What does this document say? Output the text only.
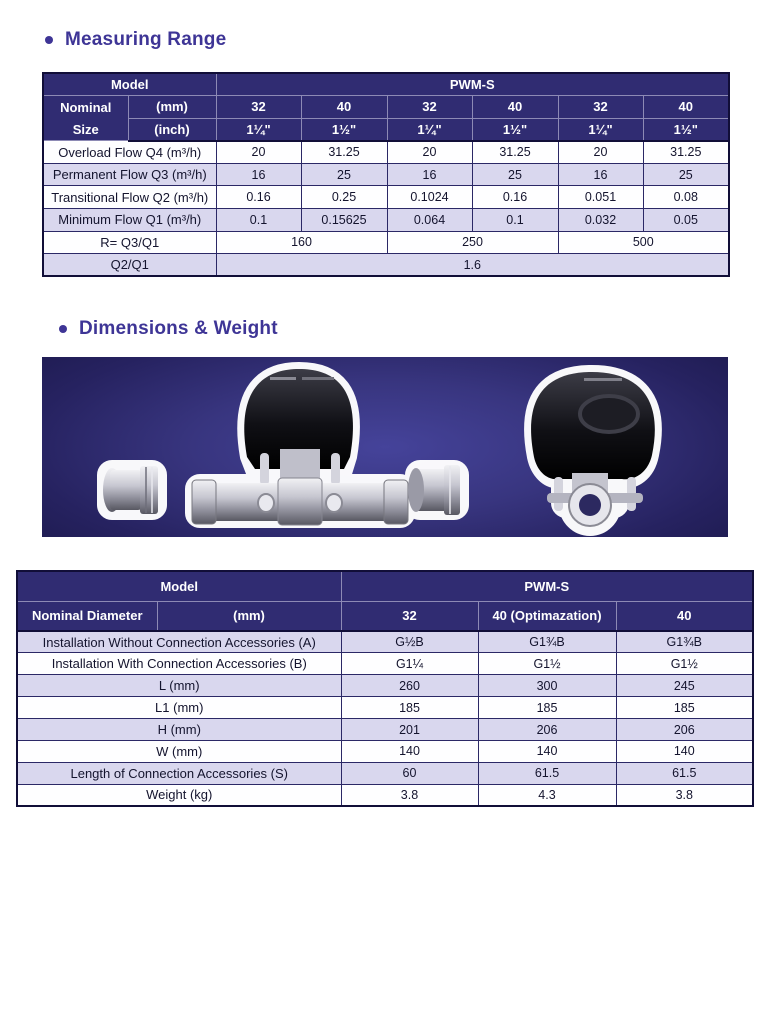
Measuring Range
Model		PWM-S					

Nominal
Size	(mm)	32	40	32	40	32	40
	(inch)	1¼"	1½"	1¼"	1½"	1¼"	1½"
Overload Flow Q4 (m³/h)		20	31.25	20	31.25	20	31.25
Permanent Flow Q3 (m³/h)		16	25	16	25	16	25
Transitional Flow Q2 (m³/h)		0.16	0.25	0.1024	0.16	0.051	0.08
Minimum Flow Q1 (m³/h)		0.1	0.15625	0.064	0.1	0.032	0.05
R= Q3/Q1		160		250		500	
Q2/Q1		1.6					
Dimensions & Weight
Model		PWM-S		
Nominal Diameter	(mm)	32	40 (Optimazation)	40
Installation Without Connection Accessories (A)		G½B	G1¾B	G1¾B
Installation With Connection Accessories (B)		G1¼	G1½	G1½
L (mm)		260	300	245
L1 (mm)		185	185	185
H (mm)		201	206	206
W (mm)		140	140	140
Length of Connection Accessories (S)		60	61.5	61.5
Weight (kg)		3.8	4.3	3.8
